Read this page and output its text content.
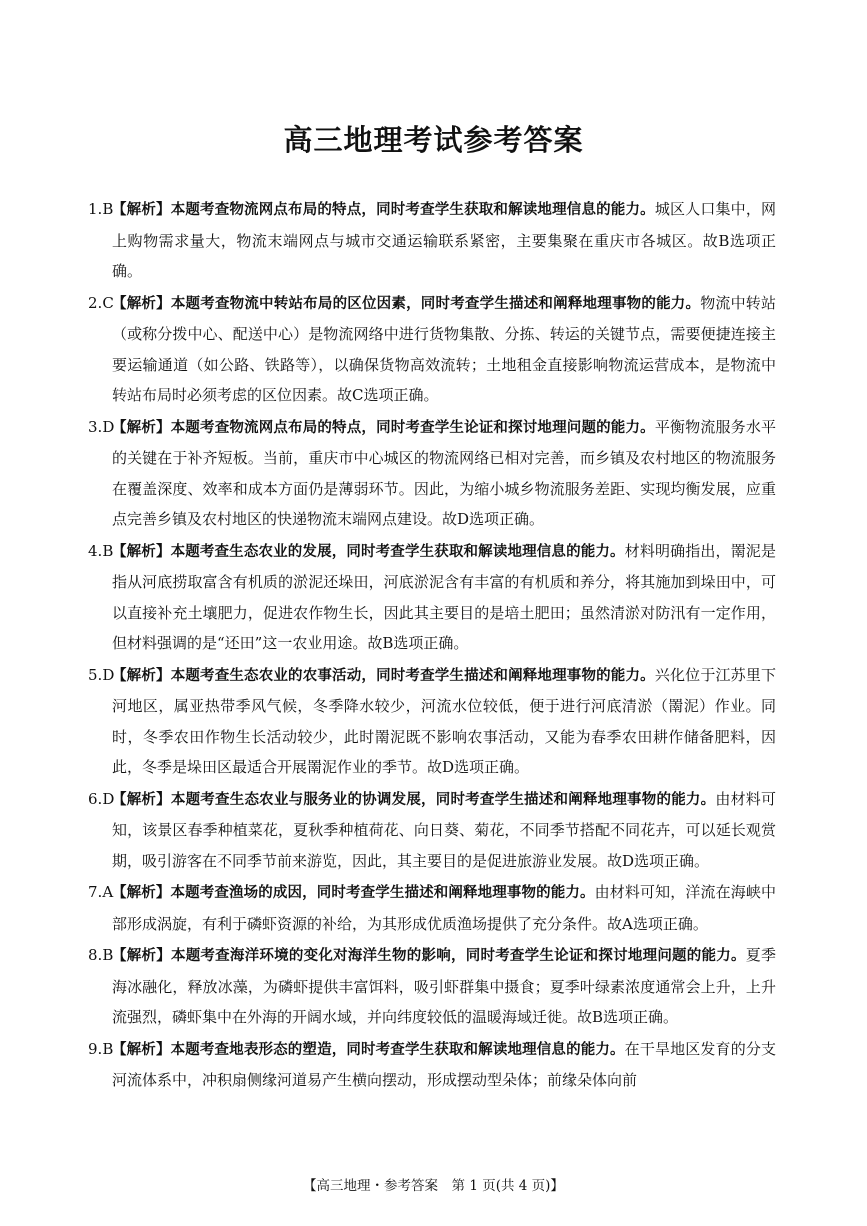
高三地理考试参考答案
1.B
【解析】本题考查物流网点布局的特点，同时考查学生获取和解读地理信息的能力。城区人口集中，网上购物需求量大，物流末端网点与城市交通运输联系紧密，主要集聚在重庆市各城区。故B选项正确。
2.C
【解析】本题考查物流中转站布局的区位因素，同时考查学生描述和阐释地理事物的能力。物流中转站（或称分拨中心、配送中心）是物流网络中进行货物集散、分拣、转运的关键节点，需要便捷连接主要运输通道（如公路、铁路等），以确保货物高效流转；土地租金直接影响物流运营成本，是物流中转站布局时必须考虑的区位因素。故C选项正确。
3.D
【解析】本题考查物流网点布局的特点，同时考查学生论证和探讨地理问题的能力。平衡物流服务水平的关键在于补齐短板。当前，重庆市中心城区的物流网络已相对完善，而乡镇及农村地区的物流服务在覆盖深度、效率和成本方面仍是薄弱环节。因此，为缩小城乡物流服务差距、实现均衡发展，应重点完善乡镇及农村地区的快递物流末端网点建设。故D选项正确。
4.B
【解析】本题考查生态农业的发展，同时考查学生获取和解读地理信息的能力。材料明确指出，罱泥是指从河底捞取富含有机质的淤泥还垛田，河底淤泥含有丰富的有机质和养分，将其施加到垛田中，可以直接补充土壤肥力，促进农作物生长，因此其主要目的是培土肥田；虽然清淤对防汛有一定作用，但材料强调的是“还田”这一农业用途。故B选项正确。
5.D
【解析】本题考查生态农业的农事活动，同时考查学生描述和阐释地理事物的能力。兴化位于江苏里下河地区，属亚热带季风气候，冬季降水较少，河流水位较低，便于进行河底清淤（罱泥）作业。同时，冬季农田作物生长活动较少，此时罱泥既不影响农事活动，又能为春季农田耕作储备肥料，因此，冬季是垛田区最适合开展罱泥作业的季节。故D选项正确。
6.D
【解析】本题考查生态农业与服务业的协调发展，同时考查学生描述和阐释地理事物的能力。由材料可知，该景区春季种植菜花，夏秋季种植荷花、向日葵、菊花，不同季节搭配不同花卉，可以延长观赏期，吸引游客在不同季节前来游览，因此，其主要目的是促进旅游业发展。故D选项正确。
7.A
【解析】本题考查渔场的成因，同时考查学生描述和阐释地理事物的能力。由材料可知，洋流在海峡中部形成涡旋，有利于磷虾资源的补给，为其形成优质渔场提供了充分条件。故A选项正确。
8.B
【解析】本题考查海洋环境的变化对海洋生物的影响，同时考查学生论证和探讨地理问题的能力。夏季海冰融化，释放冰藻，为磷虾提供丰富饵料，吸引虾群集中摄食；夏季叶绿素浓度通常会上升，上升流强烈，磷虾集中在外海的开阔水域，并向纬度较低的温暖海域迁徙。故B选项正确。
9.B
【解析】本题考查地表形态的塑造，同时考查学生获取和解读地理信息的能力。在干旱地区发育的分支河流体系中，冲积扇侧缘河道易产生横向摆动，形成摆动型朵体；前缘朵体向前
【高三地理・参考答案　第 1 页(共 4 页)】
